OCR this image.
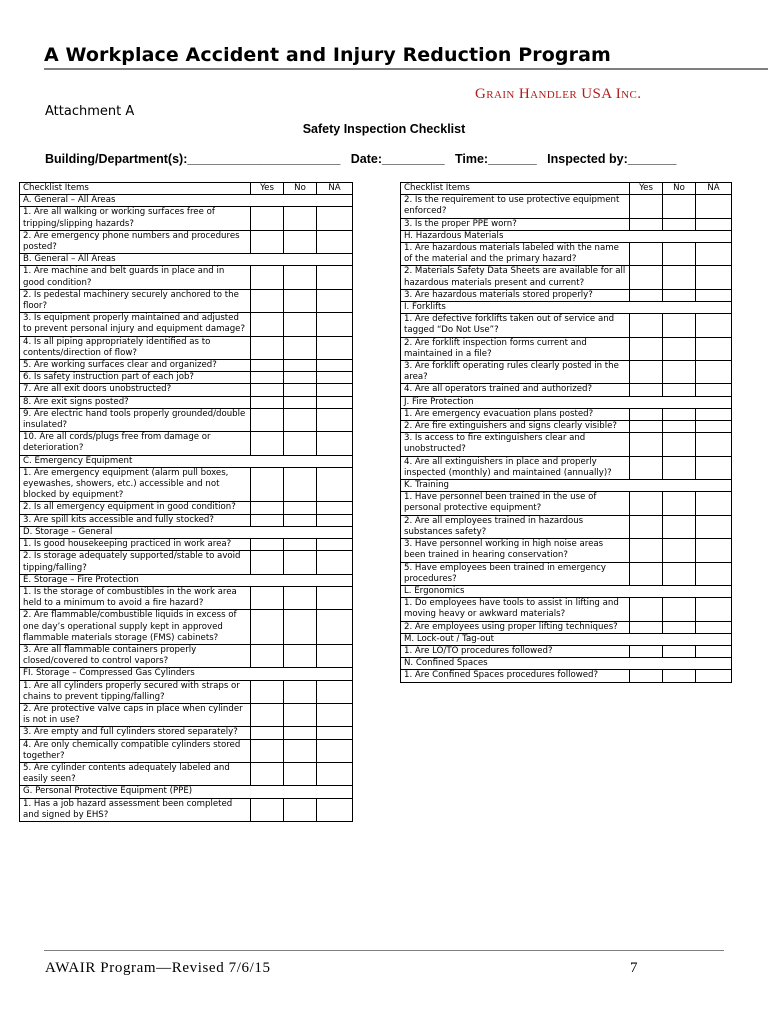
A Workplace Accident and Injury Reduction Program
Grain Handler USA Inc.
Attachment A
Safety Inspection Checklist
Building/Department(s):______________________   Date:_________   Time:_______   Inspected by:_______
Checklist Items	Yes	No	NA
A. General – All Areas			
1. Are all walking or working surfaces free of tripping/slipping hazards?			
2. Are emergency phone numbers and procedures posted?			
B. General – All Areas			
1. Are machine and belt guards in place and in good condition?			
2. Is pedestal machinery securely anchored to the floor?			
3. Is equipment properly maintained and adjusted to prevent personal injury and equipment damage?			
4. Is all piping appropriately identified as to contents/direction of flow?			
5. Are working surfaces clear and organized?			
6. Is safety instruction part of each job?			
7. Are all exit doors unobstructed?			
8. Are exit signs posted?			
9. Are electric hand tools properly grounded/double insulated?			
10. Are all cords/plugs free from damage or deterioration?			
C. Emergency Equipment			
1. Are emergency equipment (alarm pull boxes, eyewashes, showers, etc.) accessible and not blocked by equipment?			
2. Is all emergency equipment in good condition?			
3. Are spill kits accessible and fully stocked?			
D. Storage – General			
1. Is good housekeeping practiced in work area?			
2. Is storage adequately supported/stable to avoid tipping/falling?			
E. Storage – Fire Protection			
1. Is the storage of combustibles in the work area held to a minimum to avoid a fire hazard?			
2. Are flammable/combustible liquids in excess of one day’s operational supply kept in approved flammable materials storage (FMS) cabinets?			
3. Are all flammable containers properly closed/covered to control vapors?			
FI. Storage – Compressed Gas Cylinders			
1. Are all cylinders properly secured with straps or chains to prevent tipping/falling?			
2. Are protective valve caps in place when cylinder is not in use?			
3. Are empty and full cylinders stored separately?			
4. Are only chemically compatible cylinders stored together?			
5. Are cylinder contents adequately labeled and easily seen?			
G. Personal Protective Equipment (PPE)			
1. Has a job hazard assessment been completed and signed by EHS?			
Checklist Items	Yes	No	NA
2. Is the requirement to use protective equipment enforced?			
3. Is the proper PPE worn?			
H. Hazardous Materials			
1. Are hazardous materials labeled with the name of the material and the primary hazard?			
2. Materials Safety Data Sheets are available for all hazardous materials present and current?			
3. Are hazardous materials stored properly?			
I. Forklifts			
1. Are defective forklifts taken out of service and tagged “Do Not Use”?			
2. Are forklift inspection forms current and maintained in a file?			
3. Are forklift operating rules clearly posted in the area?			
4. Are all operators trained and authorized?			
J. Fire Protection			
1. Are emergency evacuation plans posted?			
2. Are fire extinguishers and signs clearly visible?			
3. Is access to fire extinguishers clear and unobstructed?			
4. Are all extinguishers in place and properly inspected (monthly) and maintained (annually)?			
K. Training			
1. Have personnel been trained in the use of personal protective equipment?			
2. Are all employees trained in hazardous substances safety?			
3. Have personnel working in high noise areas been trained in hearing conservation?			
5. Have employees been trained in emergency procedures?			
L. Ergonomics			
1. Do employees have tools to assist in lifting and moving heavy or awkward materials?			
2. Are employees using proper lifting techniques?			
M. Lock-out / Tag-out			
1. Are LO/TO procedures followed?			
N. Confined Spaces			
1. Are Confined Spaces procedures followed?			
AWAIR Program—Revised 7/6/15	7
